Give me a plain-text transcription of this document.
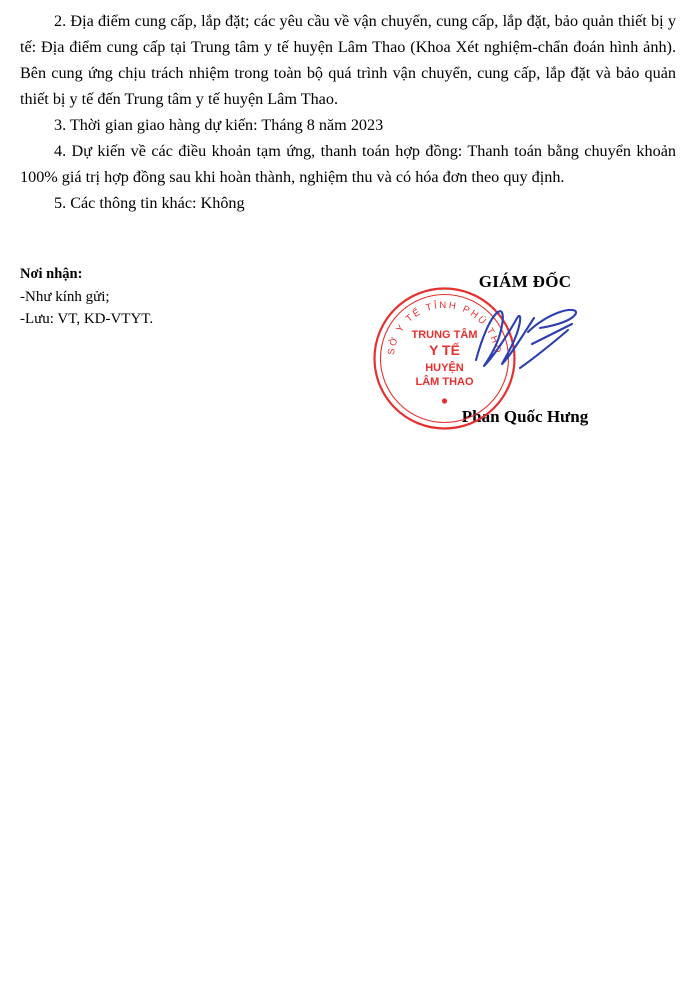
2. Địa điểm cung cấp, lắp đặt; các yêu cầu về vận chuyển, cung cấp, lắp đặt, bảo quản thiết bị y tế: Địa điểm cung cấp tại Trung tâm y tế huyện Lâm Thao (Khoa Xét nghiệm-chẩn đoán hình ảnh). Bên cung ứng chịu trách nhiệm trong toàn bộ quá trình vận chuyển, cung cấp, lắp đặt và bảo quản thiết bị y tế đến Trung tâm y tế huyện Lâm Thao.

3. Thời gian giao hàng dự kiến: Tháng 8 năm 2023

4. Dự kiến về các điều khoản tạm ứng, thanh toán hợp đồng: Thanh toán bằng chuyển khoản 100% giá trị hợp đồng sau khi hoàn thành, nghiệm thu và có hóa đơn theo quy định.

5. Các thông tin khác: Không

Nơi nhận:
-Như kính gửi;
-Lưu: VT, KD-VTYT.
GIÁM ĐỐC
Phan Quốc Hưng
SỞ Y TẾ TỈNH PHÚ THỌ
TRUNG TÂM
Y TẾ
HUYỆN
LÂM THAO
